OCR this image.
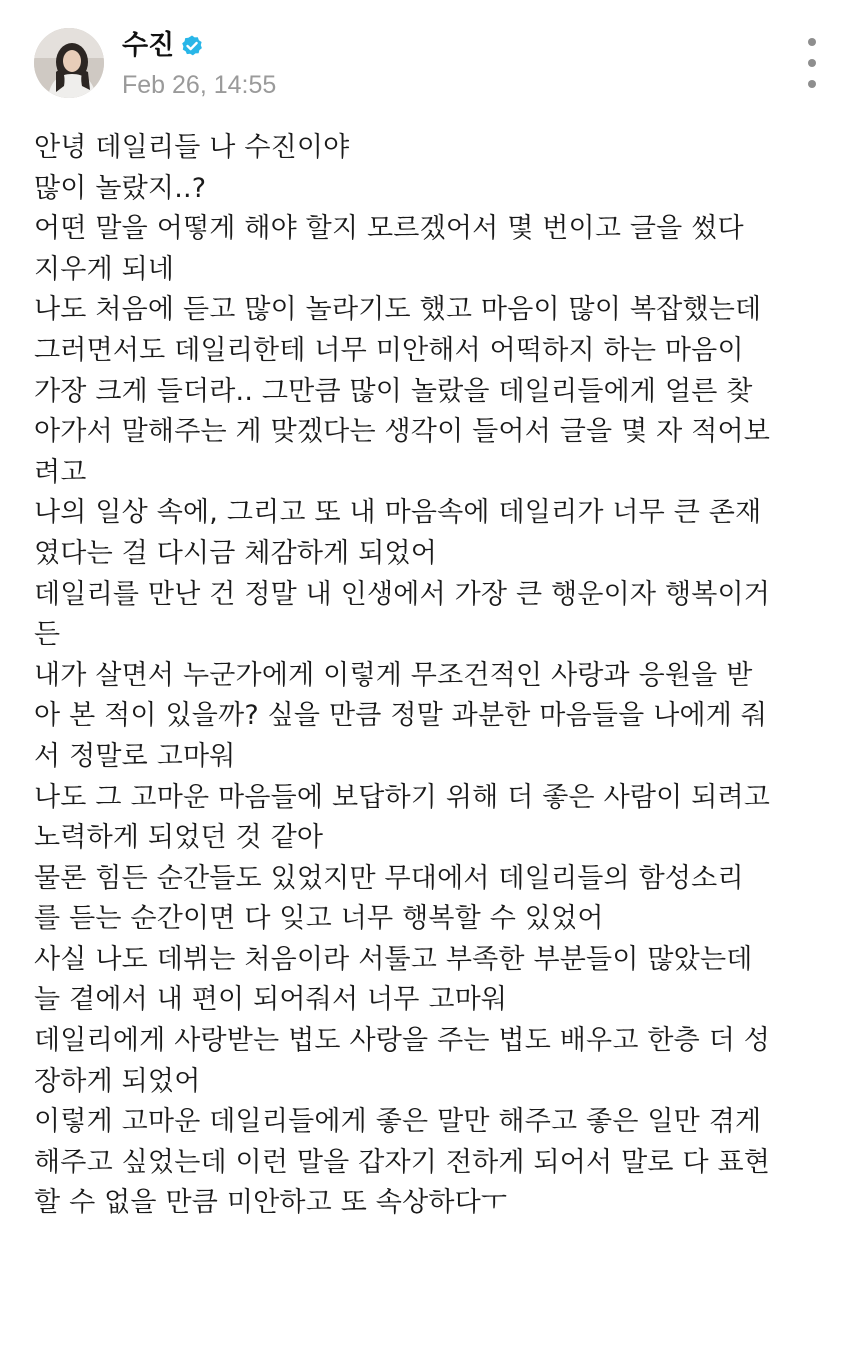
수진
Feb 26, 14:55
안녕 데일리들 나 수진이야
많이 놀랐지..?
어떤 말을 어떻게 해야 할지 모르겠어서 몇 번이고 글을 썼다
지우게 되네
나도 처음에 듣고 많이 놀라기도 했고 마음이 많이 복잡했는데
그러면서도 데일리한테 너무 미안해서 어떡하지 하는 마음이
가장 크게 들더라.. 그만큼 많이 놀랐을 데일리들에게 얼른 찾
아가서 말해주는 게 맞겠다는 생각이 들어서 글을 몇 자 적어보
려고
나의 일상 속에, 그리고 또 내 마음속에 데일리가 너무 큰 존재
였다는 걸 다시금 체감하게 되었어
데일리를 만난 건 정말 내 인생에서 가장 큰 행운이자 행복이거
든
내가 살면서 누군가에게 이렇게 무조건적인 사랑과 응원을 받
아 본 적이 있을까? 싶을 만큼 정말 과분한 마음들을 나에게 줘
서 정말로 고마워
나도 그 고마운 마음들에 보답하기 위해 더 좋은 사람이 되려고
노력하게 되었던 것 같아
물론 힘든 순간들도 있었지만 무대에서 데일리들의 함성소리
를 듣는 순간이면 다 잊고 너무 행복할 수 있었어
사실 나도 데뷔는 처음이라 서툴고 부족한 부분들이 많았는데
늘 곁에서 내 편이 되어줘서 너무 고마워
데일리에게 사랑받는 법도 사랑을 주는 법도 배우고 한층 더 성
장하게 되었어
이렇게 고마운 데일리들에게 좋은 말만 해주고 좋은 일만 겪게
해주고 싶었는데 이런 말을 갑자기 전하게 되어서 말로 다 표현
할 수 없을 만큼 미안하고 또 속상하다ㅜ
